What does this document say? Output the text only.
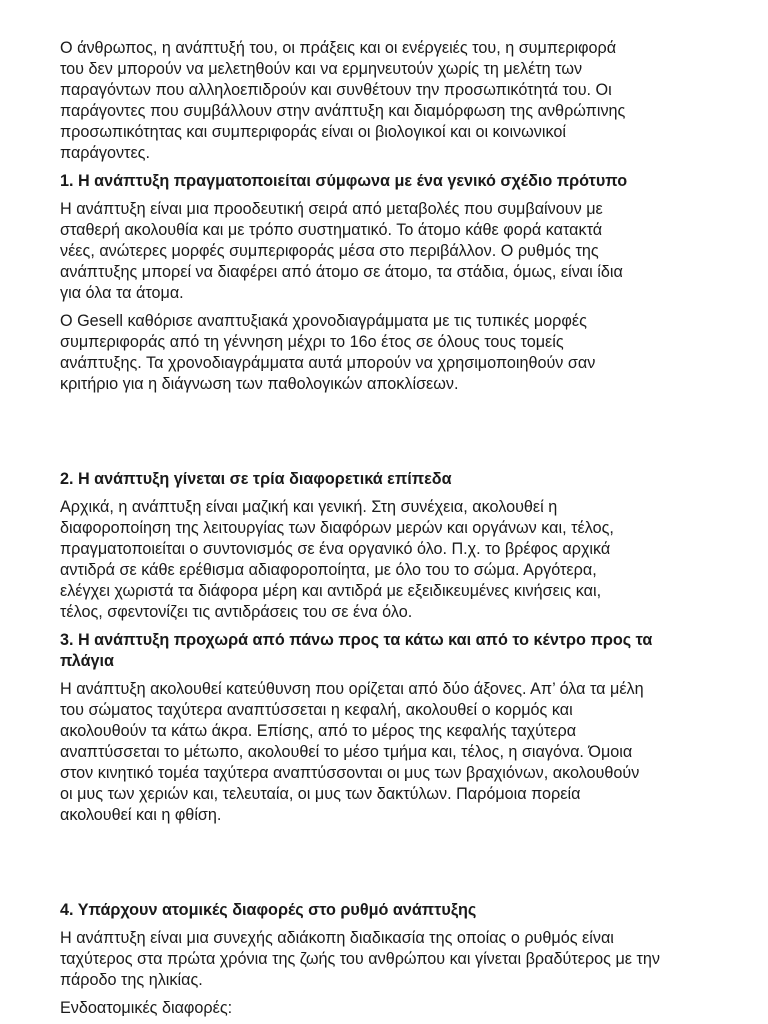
Ο άνθρωπος, η ανάπτυξή του, οι πράξεις και οι ενέργειές του, η συμπεριφορά
του δεν μπορούν να μελετηθούν και να ερμηνευτούν χωρίς τη μελέτη των
παραγόντων που αλληλοεπιδρούν και συνθέτουν την προσωπικότητά του. Οι
παράγοντες που συμβάλλουν στην ανάπτυξη και διαμόρφωση της ανθρώπινης
προσωπικότητας και συμπεριφοράς είναι οι βιολογικοί και οι κοινωνικοί
παράγοντες.

1. Η ανάπτυξη πραγματοποιείται σύμφωνα με ένα γενικό σχέδιο πρότυπο

Η ανάπτυξη είναι μια προοδευτική σειρά από μεταβολές που συμβαίνουν με
σταθερή ακολουθία και με τρόπο συστηματικό. Το άτομο κάθε φορά κατακτά
νέες, ανώτερες μορφές συμπεριφοράς μέσα στο περιβάλλον. Ο ρυθμός της
ανάπτυξης μπορεί να διαφέρει από άτομο σε άτομο, τα στάδια, όμως, είναι ίδια
για όλα τα άτομα.

Ο Gesell καθόρισε αναπτυξιακά χρονοδιαγράμματα με τις τυπικές μορφές
συμπεριφοράς από τη γέννηση μέχρι το 16ο έτος σε όλους τους τομείς
ανάπτυξης. Τα χρονοδιαγράμματα αυτά μπορούν να χρησιμοποιηθούν σαν
κριτήριο για η διάγνωση των παθολογικών αποκλίσεων.

2. Η ανάπτυξη γίνεται σε τρία διαφορετικά επίπεδα

Αρχικά, η ανάπτυξη είναι μαζική και γενική. Στη συνέχεια, ακολουθεί η
διαφοροποίηση της λειτουργίας των διαφόρων μερών και οργάνων και, τέλος,
πραγματοποιείται ο συντονισμός σε ένα οργανικό όλο. Π.χ. το βρέφος αρχικά
αντιδρά σε κάθε ερέθισμα αδιαφοροποίητα, με όλο του το σώμα. Αργότερα,
ελέγχει χωριστά τα διάφορα μέρη και αντιδρά με εξειδικευμένες κινήσεις και,
τέλος, σφεντονίζει τις αντιδράσεις του σε ένα όλο.

3. Η ανάπτυξη προχωρά από πάνω προς τα κάτω και από το κέντρο προς τα
πλάγια

Η ανάπτυξη ακολουθεί κατεύθυνση που ορίζεται από δύο άξονες. Απ’ όλα τα μέλη
του σώματος ταχύτερα αναπτύσσεται η κεφαλή, ακολουθεί ο κορμός και
ακολουθούν τα κάτω άκρα. Επίσης, από το μέρος της κεφαλής ταχύτερα
αναπτύσσεται το μέτωπο, ακολουθεί το μέσο τμήμα και, τέλος, η σιαγόνα. Όμοια
στον κινητικό τομέα ταχύτερα αναπτύσσονται οι μυς των βραχιόνων, ακολουθούν
οι μυς των χεριών και, τελευταία, οι μυς των δακτύλων. Παρόμοια πορεία
ακολουθεί και η φθίση.

4. Υπάρχουν ατομικές διαφορές στο ρυθμό ανάπτυξης

Η ανάπτυξη είναι μια συνεχής αδιάκοπη διαδικασία της οποίας ο ρυθμός είναι
ταχύτερος στα πρώτα χρόνια της ζωής του ανθρώπου και γίνεται βραδύτερος με την
πάροδο της ηλικίας.

Ενδοατομικές διαφορές:
